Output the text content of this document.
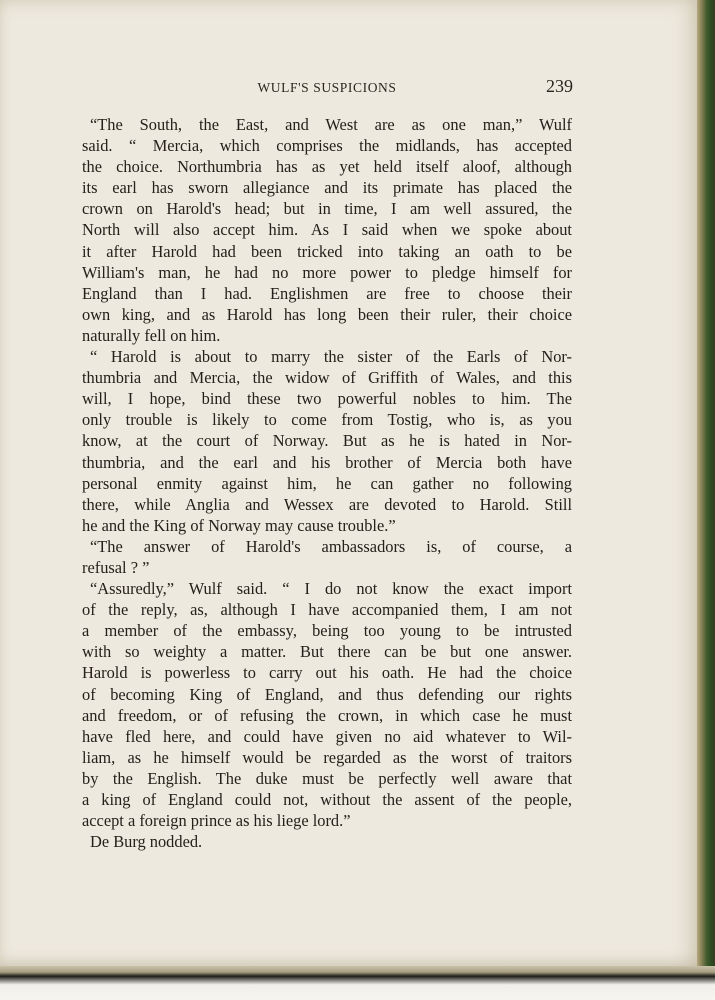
WULF'S SUSPICIONS	239
“The South, the East, and West are as one man,” Wulf
said. “ Mercia, which comprises the midlands, has accepted
the choice. Northumbria has as yet held itself aloof, although
its earl has sworn allegiance and its primate has placed the
crown on Harold's head; but in time, I am well assured, the
North will also accept him. As I said when we spoke about
it after Harold had been tricked into taking an oath to be
William's man, he had no more power to pledge himself for
England than I had. Englishmen are free to choose their
own king, and as Harold has long been their ruler, their choice
naturally fell on him.
“ Harold is about to marry the sister of the Earls of Nor-
thumbria and Mercia, the widow of Griffith of Wales, and this
will, I hope, bind these two powerful nobles to him. The
only trouble is likely to come from Tostig, who is, as you
know, at the court of Norway. But as he is hated in Nor-
thumbria, and the earl and his brother of Mercia both have
personal enmity against him, he can gather no following
there, while Anglia and Wessex are devoted to Harold. Still
he and the King of Norway may cause trouble.”
“The answer of Harold's ambassadors is, of course, a
refusal ? ”
“Assuredly,” Wulf said. “ I do not know the exact import
of the reply, as, although I have accompanied them, I am not
a member of the embassy, being too young to be intrusted
with so weighty a matter. But there can be but one answer.
Harold is powerless to carry out his oath. He had the choice
of becoming King of England, and thus defending our rights
and freedom, or of refusing the crown, in which case he must
have fled here, and could have given no aid whatever to Wil-
liam, as he himself would be regarded as the worst of traitors
by the English. The duke must be perfectly well aware that
a king of England could not, without the assent of the people,
accept a foreign prince as his liege lord.”
De Burg nodded.
